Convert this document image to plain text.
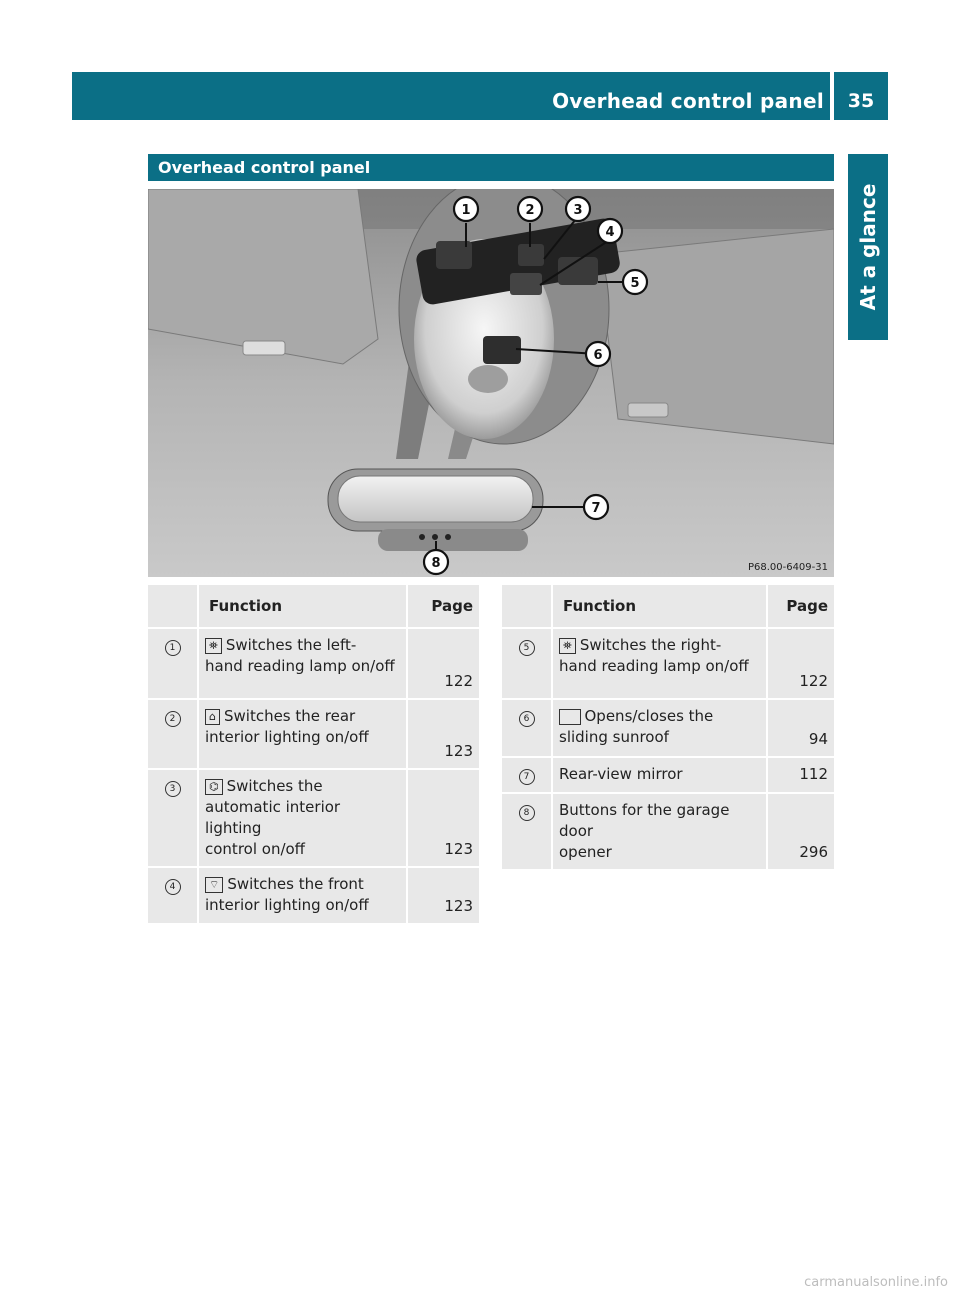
Overhead control panel	35
At a glance
Overhead control panel
1	2	3
4
5
6
7
8	P68.00-6409-31
	Function	Page
1	⛯ Switches the left-
hand reading lamp on/off	122
2	⌂ Switches the rear
interior lighting on/off	123
3	⌬ Switches the
automatic interior lighting
control on/off	123
4	⌔ Switches the front
interior lighting on/off	123
	Function	Page
5	⛯ Switches the right-
hand reading lamp on/off	122
6	Opens/closes the
sliding sunroof	94
7	Rear-view mirror	112
8	Buttons for the garage door
opener	296
carmanualsonline.info
